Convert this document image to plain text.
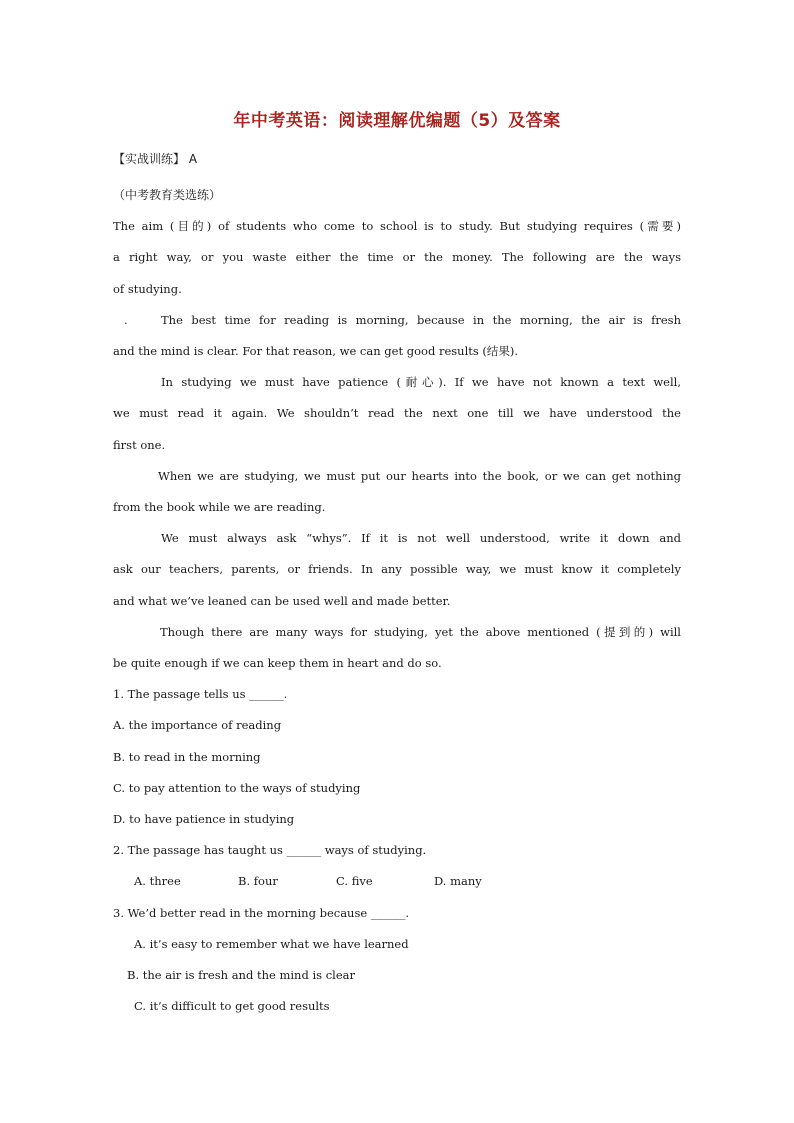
年中考英语：阅读理解优编题（5）及答案
【实战训练】 A
（中考教育类选练）
The aim (目的) of students who come to school is to study. But studying requires (需要)
a right way, or you waste either the time or the money. The following are the ways
of studying.
.	The best time for reading is morning, because in the morning, the air is fresh
and the mind is clear. For that reason, we can get good results (结果).
In studying we must have patience (耐心). If we have not known a text well,
we must read it again. We shouldn’t read the next one till we have understood the
first one.
When we are studying, we must put our hearts into the book, or we can get nothing
from the book while we are reading.
We must always ask “whys”. If it is not well understood, write it down and
ask our teachers, parents, or friends. In any possible way, we must know it completely
and what we’ve leaned can be used well and made better.
Though there are many ways for studying, yet the above mentioned (提到的) will
be quite enough if we can keep them in heart and do so.
1. The passage tells us ______.
A. the importance of reading
B. to read in the morning
C. to pay attention to the ways of studying
D. to have patience in studying
2. The passage has taught us ______ ways of studying.
A. three	B. four	C. five	D. many
3. We’d better read in the morning because ______.
A. it’s easy to remember what we have learned
B. the air is fresh and the mind is clear
C. it’s difficult to get good results
